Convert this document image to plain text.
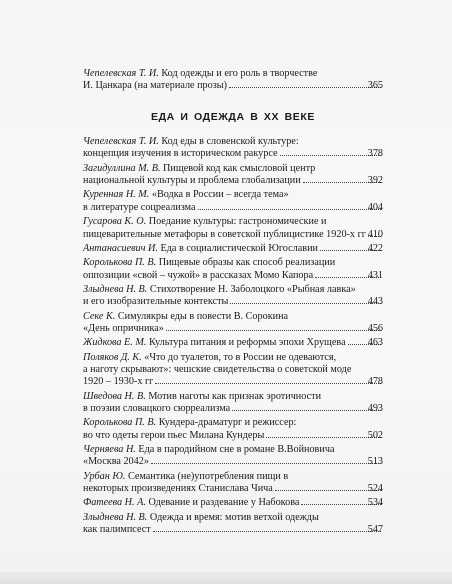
Чепелевская Т. И. Код одежды и его роль в творчестве
И. Цанкара (на материале прозы)	365
ЕДА И ОДЕЖДА В ХХ ВЕКЕ
Чепелевская Т. И. Код еды в словенской культуре:
концепция изучения в историческом ракурсе	378
Загидуллина М. В. Пищевой код как смысловой центр
национальной культуры и проблема глобализации	392
Куренная Н. М. «Водка в России – всегда тема»
в литературе соцреализма	404
Гусарова К. О. Поедание культуры: гастрономические и
пищеварительные метафоры в советской публицистике 1920-х гг 410
Антанасиевич И. Еда в социалистической Югославии	422
Королькова П. В. Пищевые образы как способ реализации
оппозиции «свой – чужой» в рассказах Момо Капора	431
Злыднева Н. В. Стихотворение Н. Заболоцкого «Рыбная лавка»
и его изобразительные контексты	443
Секе К. Симулякры еды в повести В. Сорокина
«День опричника»	456
Жидкова Е. М. Культура питания и реформы эпохи Хрущева 463
Поляков Д. К. «Что до туалетов, то в России не одеваются,
а наготу скрывают»: чешские свидетельства о советской моде
1920 – 1930-х гг	478
Шведова Н. В. Мотив наготы как признак эротичности
в поэзии словацкого сюрреализма	493
Королькова П. В. Кундера-драматург и режиссер:
во что одеты герои пьес Милана Кундеры	502
Черняева Н. Еда в пародийном сне в романе В.Войновича
«Москва 2042»	513
Урбан Ю. Семантика (не)употребления пищи в
некоторых произведениях Станислава Чича	524
Фатеева Н. А. Одевание и раздевание у Набокова	534
Злыднева Н. В. Одежда и время: мотив ветхой одежды
как палимпсест	547
